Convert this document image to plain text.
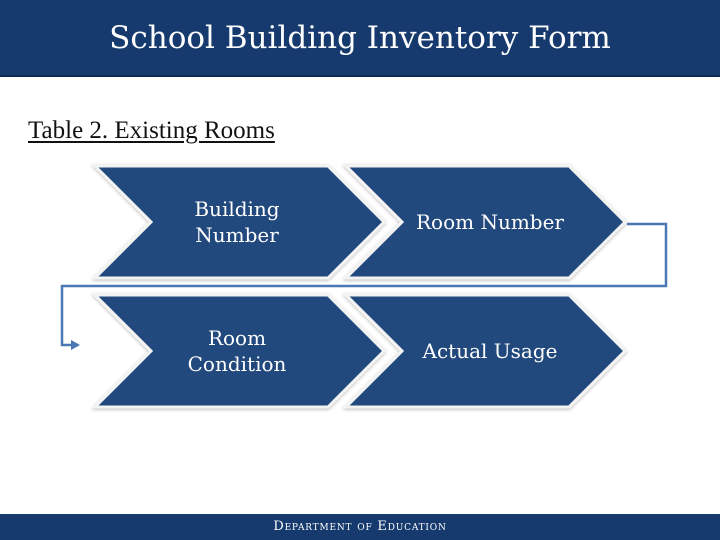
School Building Inventory Form
Table 2. Existing Rooms
Building Number
Room Number
Room Condition
Actual Usage
Department of Education
